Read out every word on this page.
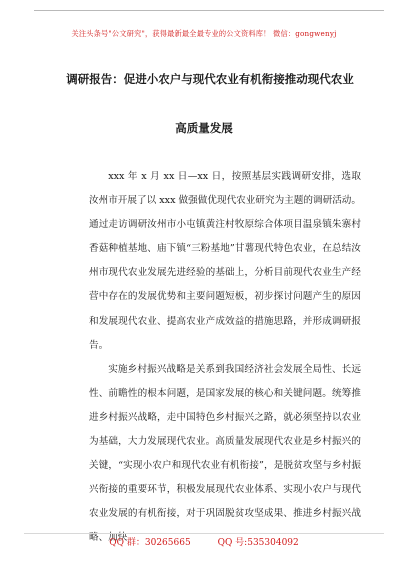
关注头条号"公文研究"，获得最新最全最专业的公文资料库！ 微信：gongwenyj
调研报告：促进小农户与现代农业有机衔接推动现代农业
高质量发展

xxx 年 x 月 xx 日—xx 日，按照基层实践调研安排，选取汝州市开展了以 xxx 做强做优现代农业研究为主题的调研活动。通过走访调研汝州市小屯镇黄注村牧原综合体项目温泉镇朱寨村香菇种植基地、庙下镇“三粉基地”甘薯现代特色农业，在总结汝州市现代农业发展先进经验的基础上，分析目前现代农业生产经营中存在的发展优势和主要问题短板，初步探讨问题产生的原因和发展现代农业、提高农业产成效益的措施思路，并形成调研报告。

实施乡村振兴战略是关系到我国经济社会发展全局性、长远性、前瞻性的根本问题，是国家发展的核心和关键问题。统筹推进乡村振兴战略，走中国特色乡村振兴之路，就必须坚持以农业为基础，大力发展现代农业。高质量发展现代农业是乡村振兴的关键，“实现小农户和现代农业有机衔接”，是脱贫攻坚与乡村振兴衔接的重要环节，积极发展现代农业体系、实现小农户与现代农业发展的有机衔接，对于巩固脱贫攻坚成果、推进乡村振兴战略、加快

QQ 群：30265665	QQ 号:535304092
